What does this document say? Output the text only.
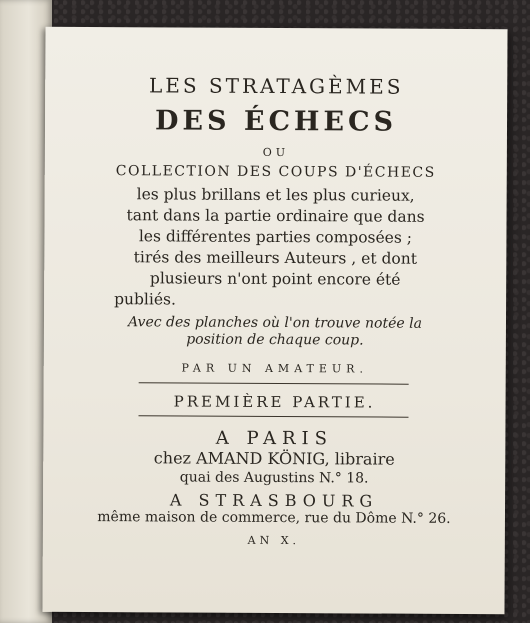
LES STRATAGÈMES
DES ÉCHECS
OU
COLLECTION DES COUPS D'ÉCHECS
les plus brillans et les plus curieux,
tant dans la partie ordinaire que dans
les différentes parties composées ;
tirés des meilleurs Auteurs , et dont
plusieurs n'ont point encore été
publiés.
Avec des planches où l'on trouve notée la
position de chaque coup.
PAR UN AMATEUR.
PREMIÈRE PARTIE.
A PARIS
chez AMAND KÖNIG, libraire
quai des Augustins N.° 18.
A STRASBOURG
même maison de commerce, rue du Dôme N.° 26.
AN X.
